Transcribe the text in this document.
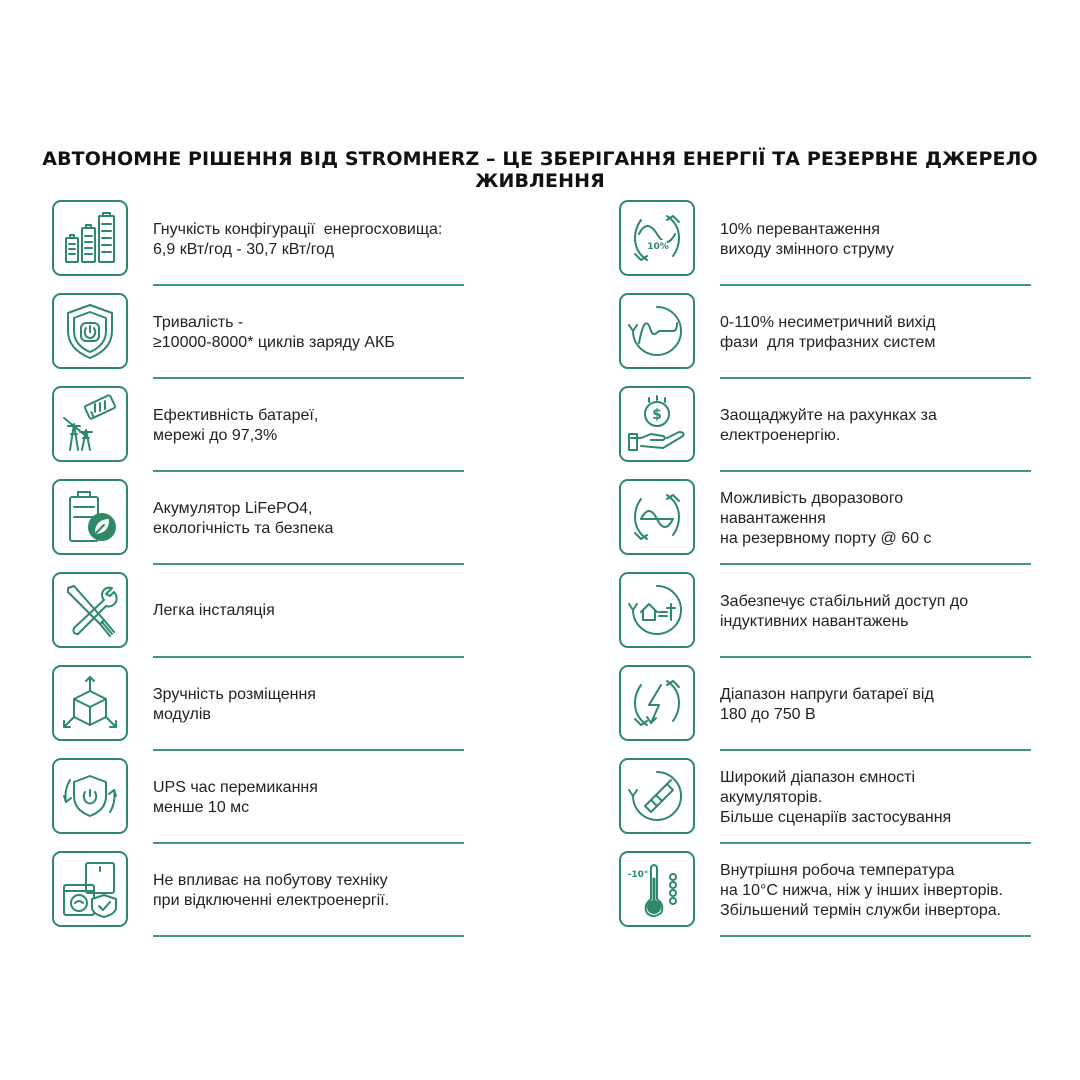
АВТОНОМНЕ РІШЕННЯ ВІД STROMHERZ – ЦЕ ЗБЕРІГАННЯ ЕНЕРГІЇ ТА РЕЗЕРВНЕ ДЖЕРЕЛО ЖИВЛЕННЯ
Гнучкість конфігурації  енергосховища:
6,9 кВт/год - 30,7 кВт/год
Тривалість -
≥10000-8000* циклів заряду АКБ
Ефективність батареї,
мережі до 97,3%
Акумулятор LiFePO4,
екологічність та безпека
Легка інсталяція
Зручність розміщення
модулів
UPS час перемикання
менше 10 мс
Не впливає на побутову техніку
при відключенні електроенергії.
10%
10% перевантаження
виходу змінного струму
0-110% несиметричний вихід
фази  для трифазних систем
$	Заощаджуйте на рахунках за
електроенергію.
Можливість дворазового
навантаження
на резервному порту @ 60 с
Забезпечує стабільний доступ до
індуктивних навантажень
Діапазон напруги батареї від
180 до 750 В
Широкий діапазон ємності
акумуляторів.
Більше сценаріїв застосування
-10°	Внутрішня робоча температура
на 10°C нижча, ніж у інших інверторів.
Збільшений термін служби інвертора.
